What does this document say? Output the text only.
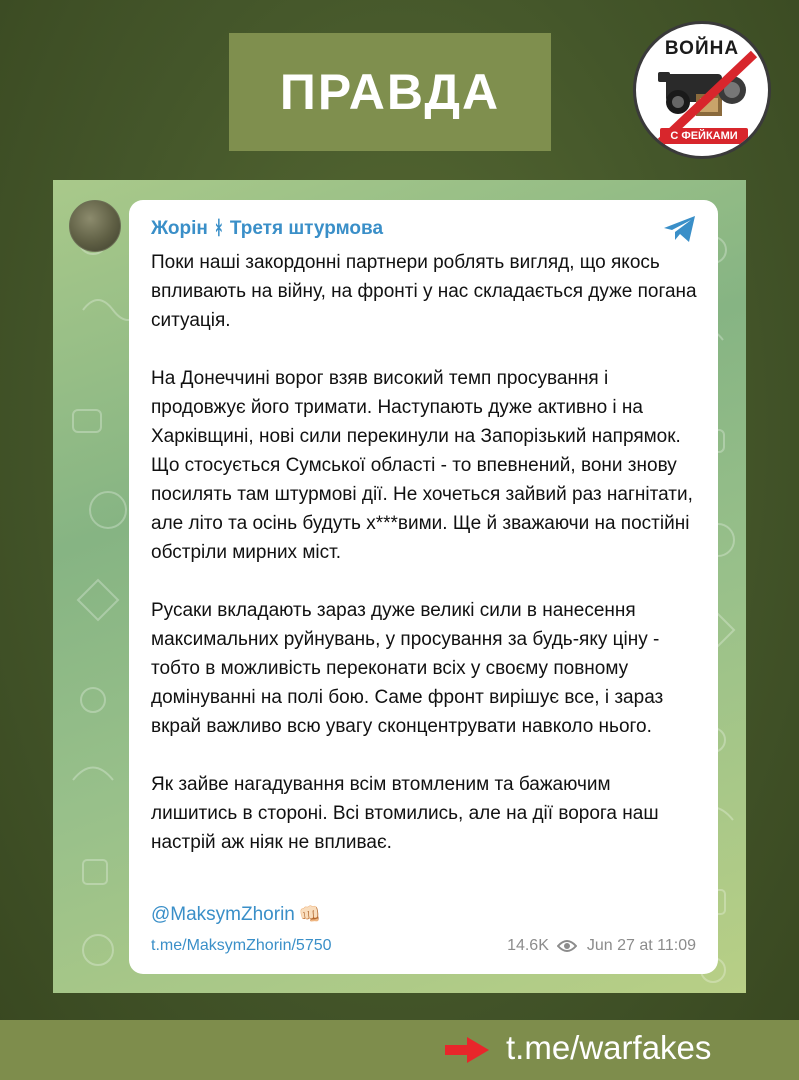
ПРАВДА
ВОЙНА
С ФЕЙКАМИ
Жорін ᚼ Третя штурмова

Поки наші закордонні партнери роблять вигляд, що якось впливають на війну, на фронті у нас складається дуже погана ситуація.

На Донеччині ворог взяв високий темп просування і продовжує його тримати. Наступають дуже активно і на Харківщині, нові сили перекинули на Запорізький напрямок. Що стосується Сумської області - то впевнений, вони знову посилять там штурмові дії. Не хочеться зайвий раз нагнітати, але літо та осінь будуть х***вими. Ще й зважаючи на постійні обстріли мирних міст.

Русаки вкладають зараз дуже великі сили в нанесення максимальних руйнувань, у просування за будь-яку ціну - тобто в можливість переконати всіх у своєму повному домінуванні на полі бою. Саме фронт вирішує все, і зараз вкрай важливо всю увагу сконцентрувати навколо нього.

Як зайве нагадування всім втомленим та бажаючим лишитись в стороні. Всі втомились, але на дії ворога наш настрій аж ніяк не впливає.

@MaksymZhorin 👊🏻
t.me/MaksymZhorin/5750	14.6K Jun 27 at 11:09
t.me/warfakes
